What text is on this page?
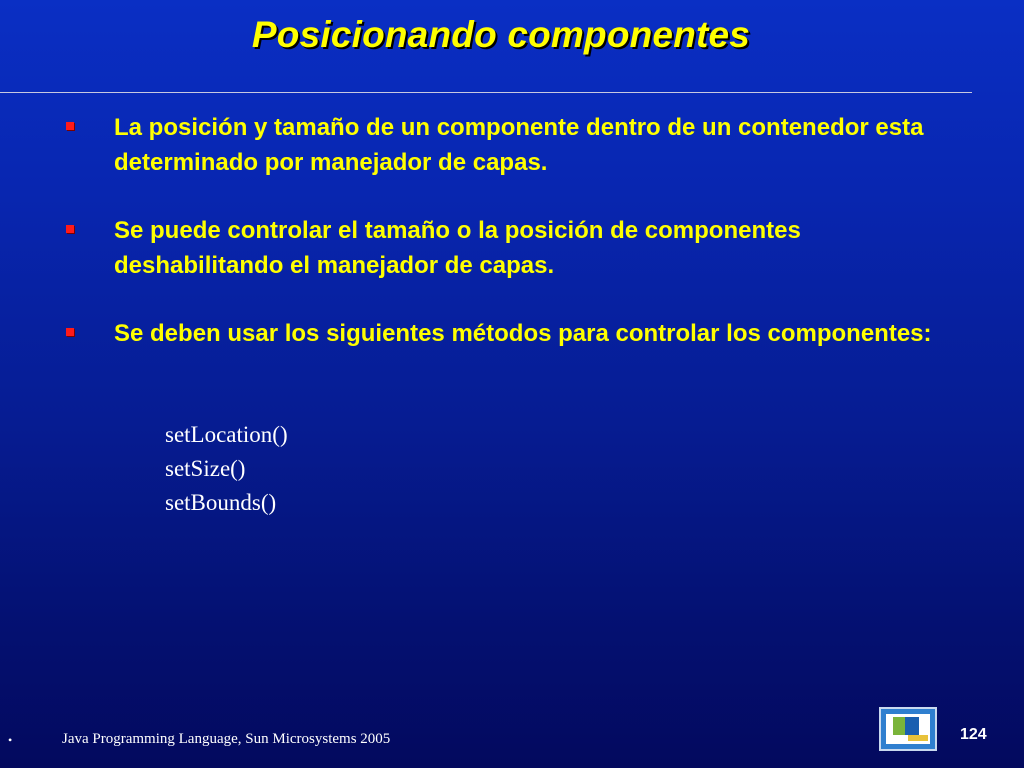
Posicionando componentes
La posición y tamaño de un componente dentro de un contenedor esta determinado por manejador de capas.
Se puede controlar el tamaño o la posición de componentes deshabilitando el manejador de capas.
Se deben usar los siguientes métodos para controlar los componentes:
setLocation()
setSize()
setBounds()
•	Java Programming Language, Sun Microsystems 2005	124
